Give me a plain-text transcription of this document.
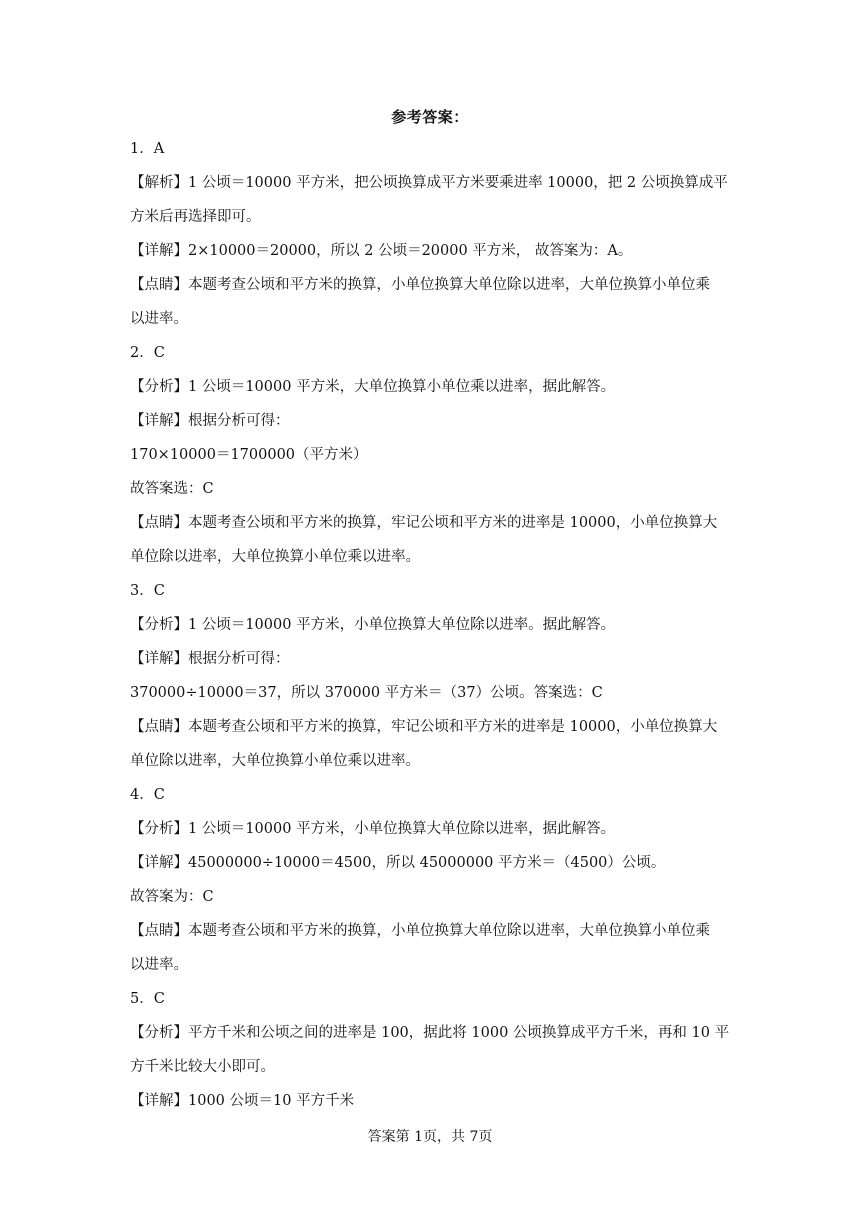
参考答案：
1．A
【解析】1 公顷＝10000 平方米，把公顷换算成平方米要乘进率 10000，把 2 公顷换算成平
方米后再选择即可。
【详解】2×10000＝20000，所以 2 公顷＝20000 平方米， 故答案为：A。
【点睛】本题考查公顷和平方米的换算，小单位换算大单位除以进率，大单位换算小单位乘
以进率。
2．C
【分析】1 公顷＝10000 平方米，大单位换算小单位乘以进率，据此解答。
【详解】根据分析可得：
170×10000＝1700000（平方米）
故答案选：C
【点睛】本题考查公顷和平方米的换算，牢记公顷和平方米的进率是 10000，小单位换算大
单位除以进率，大单位换算小单位乘以进率。
3．C
【分析】1 公顷＝10000 平方米，小单位换算大单位除以进率。据此解答。
【详解】根据分析可得：
370000÷10000＝37，所以 370000 平方米＝（37）公顷。答案选：C
【点睛】本题考查公顷和平方米的换算，牢记公顷和平方米的进率是 10000，小单位换算大
单位除以进率，大单位换算小单位乘以进率。
4．C
【分析】1 公顷＝10000 平方米，小单位换算大单位除以进率，据此解答。
【详解】45000000÷10000＝4500，所以 45000000 平方米＝（4500）公顷。
故答案为：C
【点睛】本题考查公顷和平方米的换算，小单位换算大单位除以进率，大单位换算小单位乘
以进率。
5．C
【分析】平方千米和公顷之间的进率是 100，据此将 1000 公顷换算成平方千米，再和 10 平
方千米比较大小即可。
【详解】1000 公顷＝10 平方千米
答案第 1页，共 7页
